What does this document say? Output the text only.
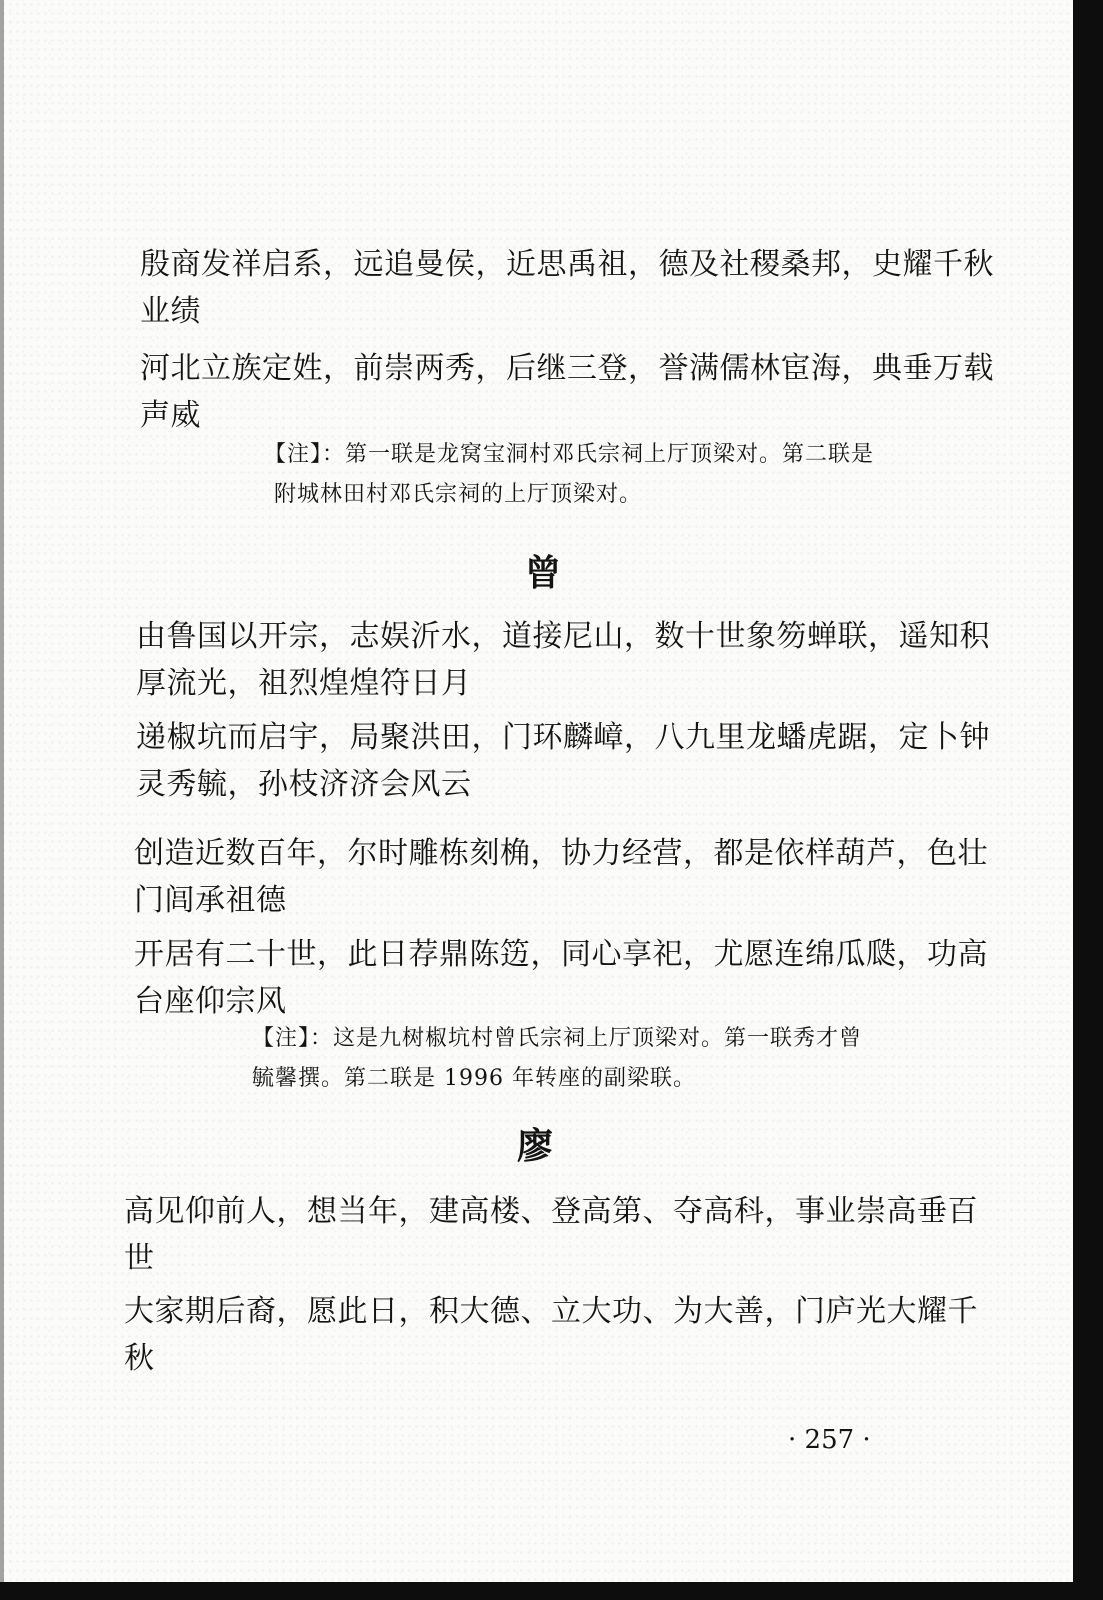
殷商发祥启系，远追曼侯，近思禹祖，德及社稷桑邦，史耀千秋
业绩
河北立族定姓，前崇两秀，后继三登，誉满儒林宦海，典垂万载
声威
【注】：第一联是龙窝宝洞村邓氏宗祠上厅顶梁对。第二联是
附城林田村邓氏宗祠的上厅顶梁对。
曾
由鲁国以开宗，志娱沂水，道接尼山，数十世象笏蝉联，遥知积
厚流光，祖烈煌煌符日月
递椒坑而启宇，局聚洪田，门环麟嶂，八九里龙蟠虎踞，定卜钟
灵秀毓，孙枝济济会风云
创造近数百年，尔时雕栋刻桷，协力经营，都是依样葫芦，色壮
门闾承祖德
开居有二十世，此日荐鼎陈笾，同心享祀，尤愿连绵瓜瓞，功高
台座仰宗风
【注】：这是九树椒坑村曾氏宗祠上厅顶梁对。第一联秀才曾
毓馨撰。第二联是 1996 年转座的副梁联。
廖
高见仰前人，想当年，建高楼、登高第、夺高科，事业崇高垂百
世
大家期后裔，愿此日，积大德、立大功、为大善，门庐光大耀千
秋
· 257 ·
